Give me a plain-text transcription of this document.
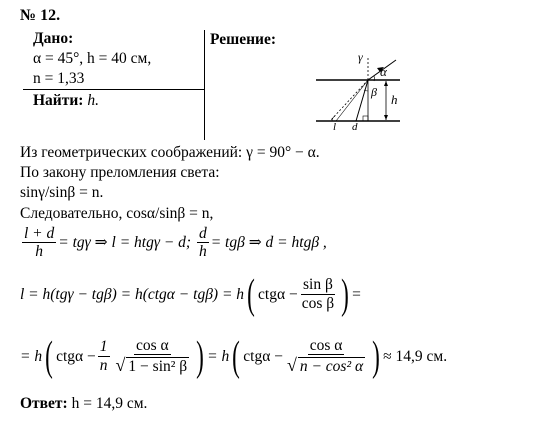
№ 12.
Дано:
α = 45°, h = 40 см,
n = 1,33
Найти: h.
Решение:
γ
α
β h
l d
Из геометрических соображений: γ = 90° − α.
По закону преломления света:
sinγ/sinβ = n.
Следовательно, cosα/sinβ = n,
$\frac{l + d}{h} = tg\gamma$ ⇒ l = htgγ − d; $\frac{d}{h} = tg\beta$ ⇒ d = htgβ ,
l = h(tgγ − tgβ) = h(ctgα − tgβ) = h ( $ctg\alpha - \frac{\text{sin β}}{\text{cos β}}$ ) =
= h ( $ctg\alpha - \frac{1}{n} \frac{\text{cos α}}{\text{√ 1 − sin² β}}$ ) = h ( $ctg\alpha - \frac{\text{cos α}}{\text{√ n − cos² α}}$ ) ≈ 14,9 см.
Ответ: h = 14,9 см.
